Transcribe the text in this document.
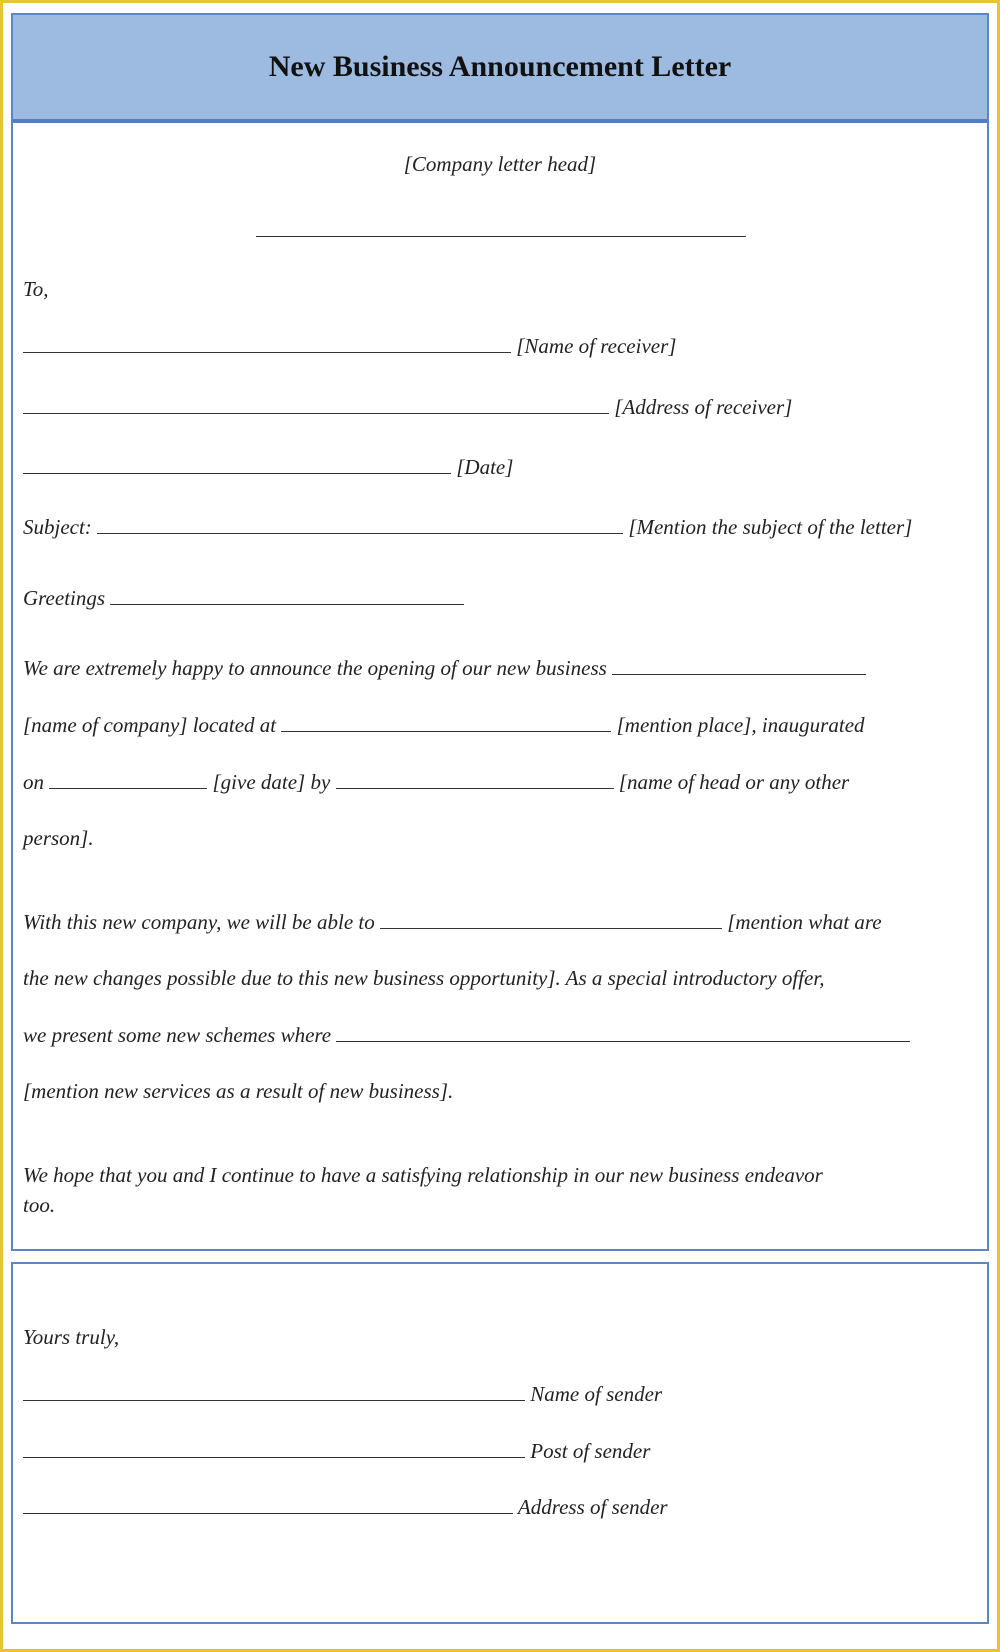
New Business Announcement Letter
[Company letter head]
To,
[Name of receiver]
[Address of receiver]
[Date]
Subject:	[Mention the subject of the letter]
Greetings
We are extremely happy to announce the opening of our new business
[name of company] located at	[mention place], inaugurated
on	[give date] by	[name of head or any other
person].
With this new company, we will be able to	[mention what are
the new changes possible due to this new business opportunity]. As a special introductory offer,
we present some new schemes where
[mention new services as a result of new business].
We hope that you and I continue to have a satisfying relationship in our new business endeavor
too.
Yours truly,
Name of sender
Post of sender
Address of sender
